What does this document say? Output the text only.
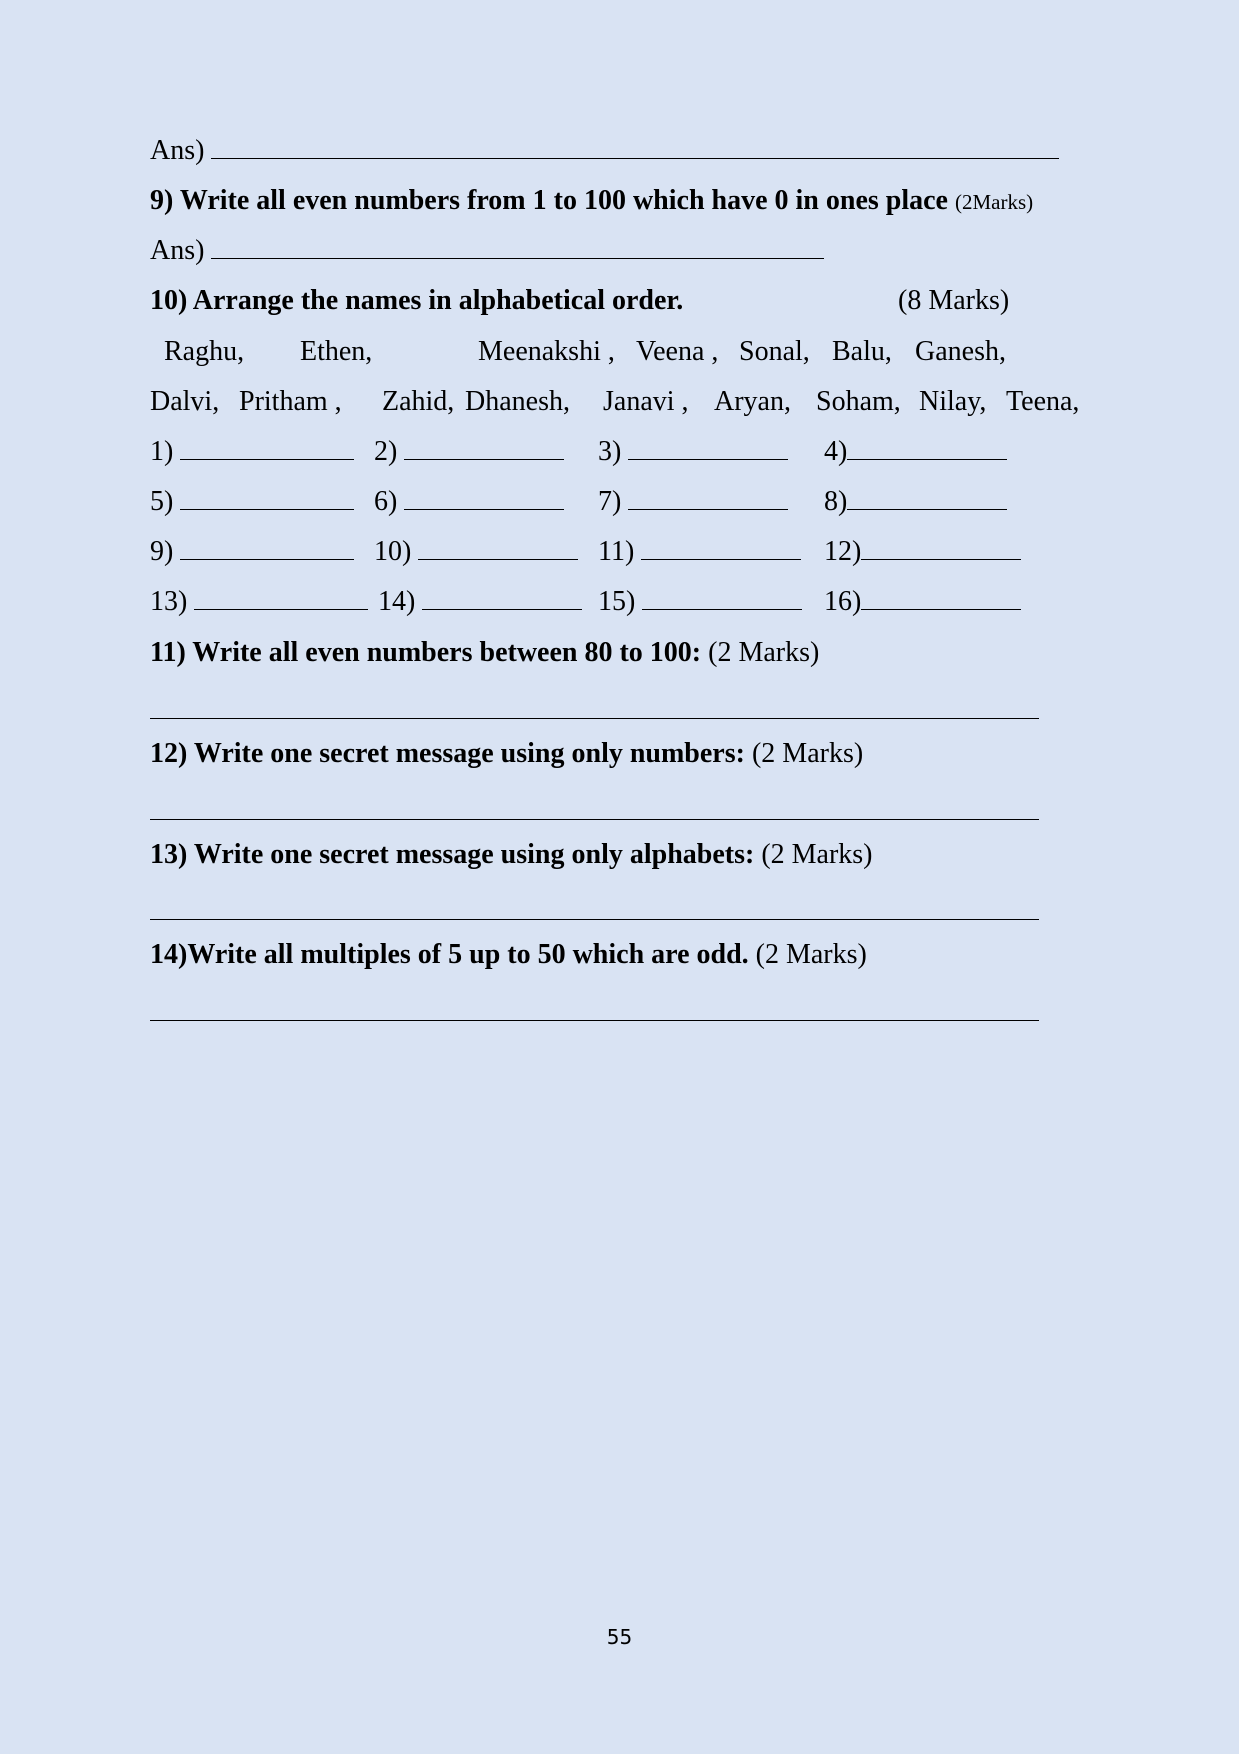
Ans)
9) Write all even numbers from 1 to 100 which have 0 in ones place (2Marks)
Ans)
10) Arrange the names in alphabetical order.	(8 Marks)
Raghu, Ethen,	Meenakshi , Veena , Sonal, Balu, Ganesh,
Dalvi, Pritham , Zahid, Dhanesh, Janavi , Aryan, Soham, Nilay, Teena,
1)	2)	3)	4)
5)	6)	7)	8)
9)	10)	11)	12)
13)	14)	15)	16)
11) Write all even numbers between 80 to 100: (2 Marks)
12) Write one secret message using only numbers: (2 Marks)
13) Write one secret message using only alphabets: (2 Marks)
14)Write all multiples of 5 up to 50 which are odd. (2 Marks)
55
